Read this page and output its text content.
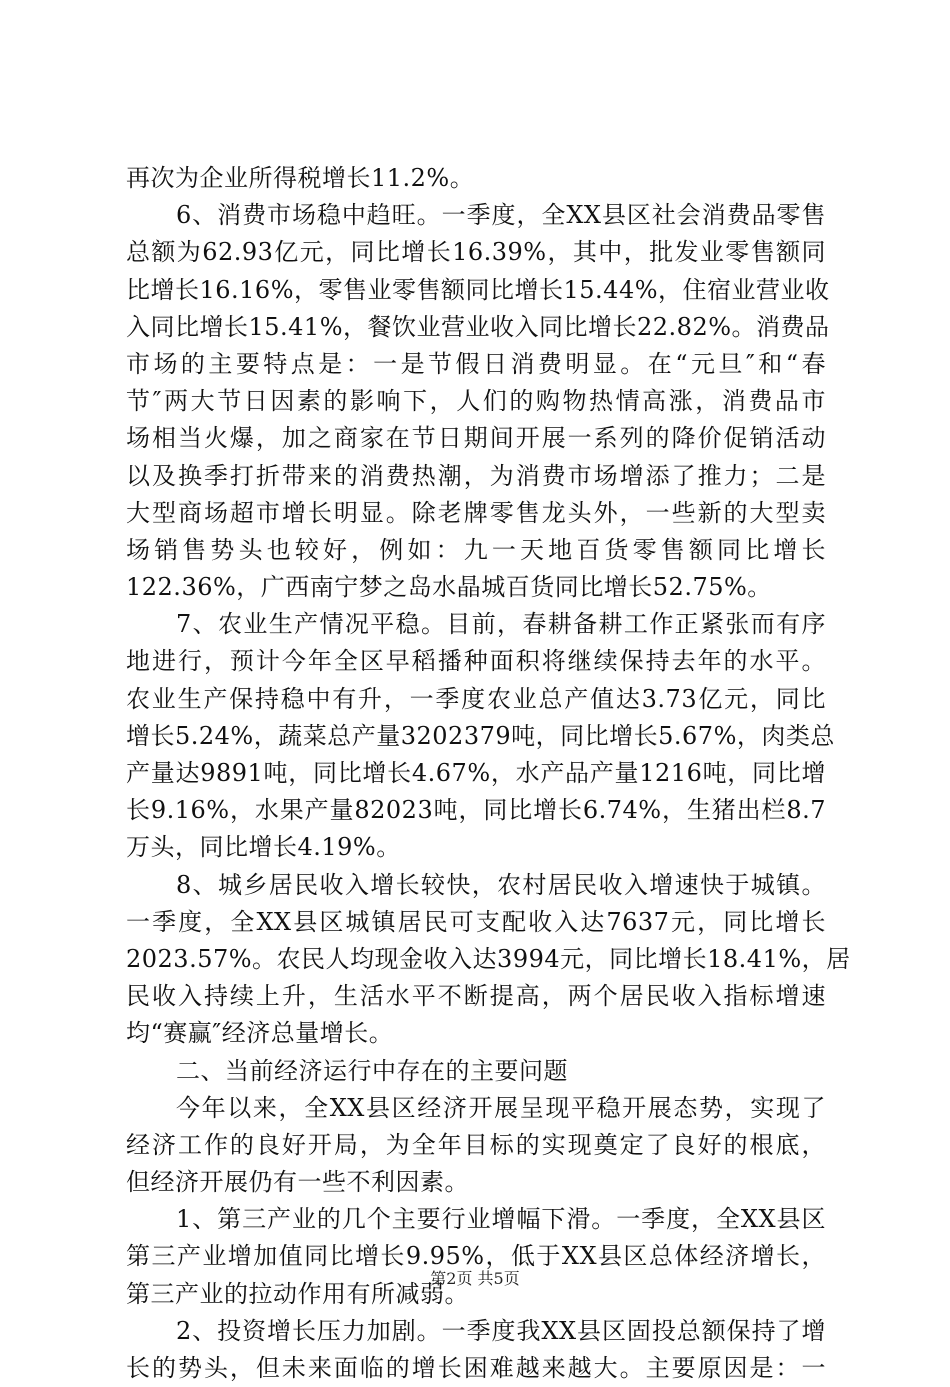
再次为企业所得税增长11.2%。
6、消费市场稳中趋旺。一季度，全XX县区社会消费品零售
总额为62.93亿元，同比增长16.39%，其中，批发业零售额同
比增长16.16%，零售业零售额同比增长15.44%，住宿业营业收
入同比增长15.41%，餐饮业营业收入同比增长22.82%。消费品
市场的主要特点是：一是节假日消费明显。在“元旦″和“春
节″两大节日因素的影响下，人们的购物热情高涨，消费品市
场相当火爆，加之商家在节日期间开展一系列的降价促销活动
以及换季打折带来的消费热潮，为消费市场增添了推力；二是
大型商场超市增长明显。除老牌零售龙头外，一些新的大型卖
场销售势头也较好，例如：九一天地百货零售额同比增长
122.36%，广西南宁梦之岛水晶城百货同比增长52.75%。
7、农业生产情况平稳。目前，春耕备耕工作正紧张而有序
地进行，预计今年全区早稻播种面积将继续保持去年的水平。
农业生产保持稳中有升，一季度农业总产值达3.73亿元，同比
增长5.24%，蔬菜总产量3202379吨，同比增长5.67%，肉类总
产量达9891吨，同比增长4.67%，水产品产量1216吨，同比增
长9.16%，水果产量82023吨，同比增长6.74%，生猪出栏8.7
万头，同比增长4.19%。
8、城乡居民收入增长较快，农村居民收入增速快于城镇。
一季度，全XX县区城镇居民可支配收入达7637元，同比增长
2023.57%。农民人均现金收入达3994元，同比增长18.41%，居
民收入持续上升，生活水平不断提高，两个居民收入指标增速
均“赛赢″经济总量增长。
二、当前经济运行中存在的主要问题
今年以来，全XX县区经济开展呈现平稳开展态势，实现了
经济工作的良好开局，为全年目标的实现奠定了良好的根底，
但经济开展仍有一些不利因素。
1、第三产业的几个主要行业增幅下滑。一季度，全XX县区
第三产业增加值同比增长9.95%，低于XX县区总体经济增长，
第三产业的拉动作用有所减弱。
2、投资增长压力加剧。一季度我XX县区固投总额保持了增
长的势头，但未来面临的增长困难越来越大。主要原因是：一
第2页 共5页
